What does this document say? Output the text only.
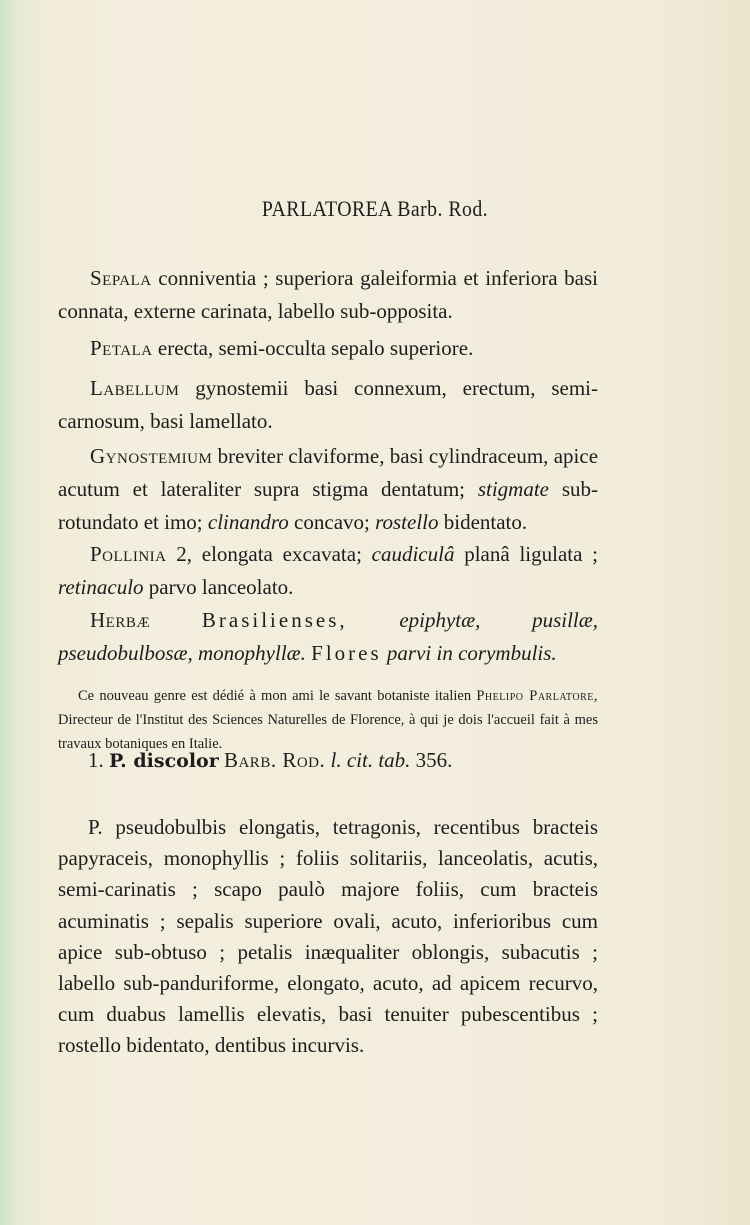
PARLATOREA Barb. Rod.

Sepala conniventia ; superiora galeiformia et inferiora basi connata, externe carinata, labello sub-opposita.

Petala erecta, semi-occulta sepalo superiore.

Labellum gynostemii basi connexum, erectum, semi-carnosum, basi lamellato.

Gynostemium breviter claviforme, basi cylindraceum, apice acutum et lateraliter supra stigma dentatum; stigmate sub-rotundato et imo; clinandro concavo; rostello bidentato.

Pollinia 2, elongata excavata; caudiculâ planâ ligulata ; retinaculo parvo lanceolato.

Herbæ Brasilienses, epiphytæ, pusillæ, pseudobulbosæ, monophyllæ. Flores parvi in corymbulis.

Ce nouveau genre est dédié à mon ami le savant botaniste italien Phelipo Parlatore, Directeur de l'Institut des Sciences Naturelles de Florence, à qui je dois l'accueil fait à mes travaux botaniques en Italie.

1. P. discolor Barb. Rod. l. cit. tab. 356.

P. pseudobulbis elongatis, tetragonis, recentibus bracteis papyraceis, monophyllis ; foliis solitariis, lanceolatis, acutis, semi-carinatis ; scapo paulò majore foliis, cum bracteis acuminatis ; sepalis superiore ovali, acuto, inferioribus cum apice sub-obtuso ; petalis inæqualiter oblongis, subacutis ; labello sub-panduriforme, elongato, acuto, ad apicem recurvo, cum duabus lamellis elevatis, basi tenuiter pubescentibus ; rostello bidentato, dentibus incurvis.
